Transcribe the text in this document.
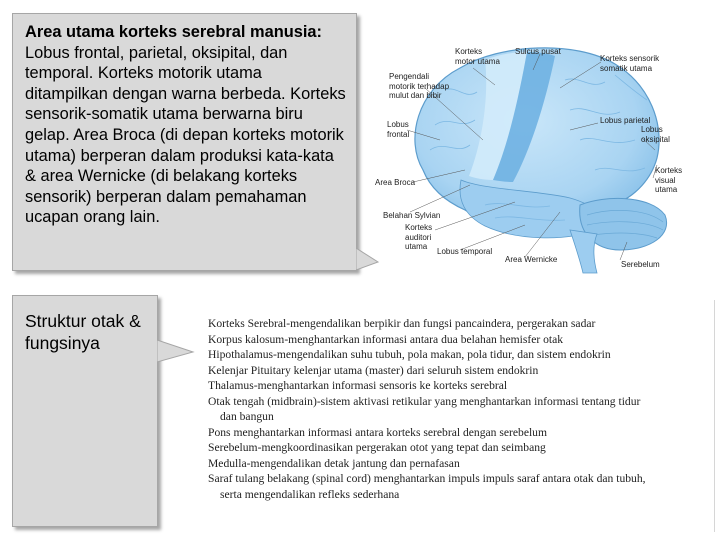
Area utama korteks serebral manusia: Lobus frontal, parietal, oksipital, dan temporal. Korteks motorik utama ditampilkan dengan warna berbeda. Korteks sensorik-somatik utama berwarna biru gelap. Area Broca (di depan korteks motorik utama) berperan dalam produksi kata-kata & area Wernicke (di belakang korteks sensorik) berperan dalam pemahaman ucapan orang lain.
Struktur otak & fungsinya
Korteks
motor utama
Sulcus pusat
Korteks sensorik
somatik utama
Pengendali
motorik terhadap
mulut dan bibir
Lobus parietal
Lobus
frontal	Lobus
oksipital
Area Broca
Korteks
visual
utama
Belahan Sylvian
Korteks
auditori
utama
Lobus temporal
Area Wernicke
Serebelum
Korteks Serebral-mengendalikan berpikir dan fungsi pancaindera, pergerakan sadar
Korpus kalosum-menghantarkan informasi antara dua belahan hemisfer otak
Hipothalamus-mengendalikan suhu tubuh, pola makan, pola tidur, dan sistem endokrin
Kelenjar Pituitary kelenjar utama (master) dari seluruh sistem endokrin
Thalamus-menghantarkan informasi sensoris ke korteks serebral
Otak tengah (midbrain)-sistem aktivasi retikular yang menghantarkan informasi tentang tidur
dan bangun
Pons menghantarkan informasi antara korteks serebral dengan serebelum
Serebelum-mengkoordinasikan pergerakan otot yang tepat dan seimbang
Medulla-mengendalikan detak jantung dan pernafasan
Saraf tulang belakang (spinal cord) menghantarkan impuls impuls saraf antara otak dan tubuh,
serta mengendalikan refleks sederhana
